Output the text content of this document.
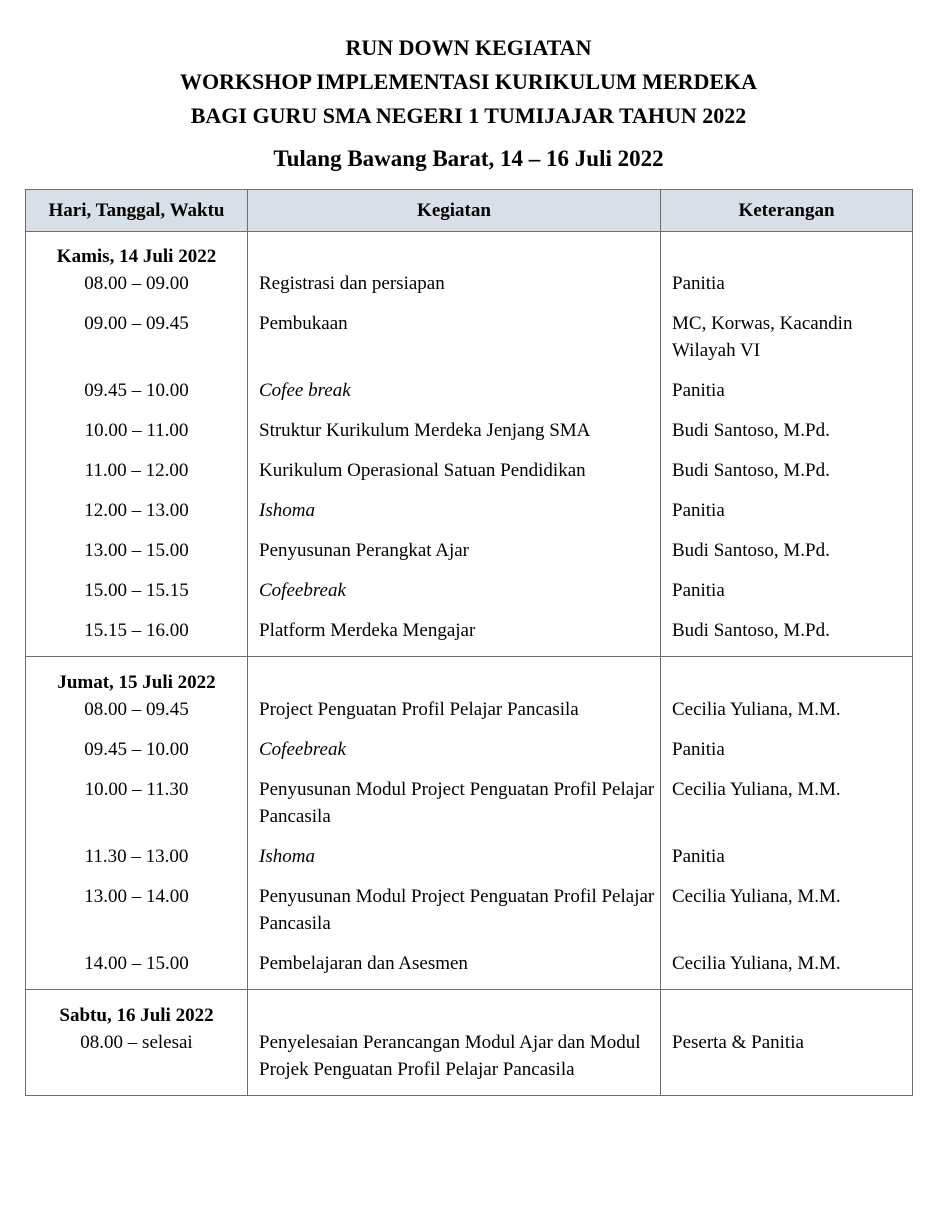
RUN DOWN KEGIATAN
WORKSHOP IMPLEMENTASI KURIKULUM MERDEKA
BAGI GURU SMA NEGERI 1 TUMIJAJAR TAHUN 2022
Tulang Bawang Barat, 14 – 16 Juli 2022
Hari, Tanggal, Waktu	Kegiatan	Keterangan
Kamis, 14 Juli 2022		
08.00 – 09.00	Registrasi dan persiapan	Panitia
09.00 – 09.45	Pembukaan	MC, Korwas, Kacandin Wilayah VI
09.45 – 10.00	Cofee break	Panitia
10.00 – 11.00	Struktur Kurikulum Merdeka Jenjang SMA	Budi Santoso, M.Pd.
11.00 – 12.00	Kurikulum Operasional Satuan Pendidikan	Budi Santoso, M.Pd.
12.00 – 13.00	Ishoma	Panitia
13.00 – 15.00	Penyusunan Perangkat Ajar	Budi Santoso, M.Pd.
15.00 – 15.15	Cofeebreak	Panitia
15.15 – 16.00	Platform Merdeka Mengajar	Budi Santoso, M.Pd.
Jumat, 15 Juli 2022		
08.00 – 09.45	Project Penguatan Profil Pelajar Pancasila	Cecilia Yuliana, M.M.
09.45 – 10.00	Cofeebreak	Panitia
10.00 – 11.30	Penyusunan Modul Project Penguatan Profil Pelajar Pancasila	Cecilia Yuliana, M.M.
11.30 – 13.00	Ishoma	Panitia
13.00 – 14.00	Penyusunan Modul Project Penguatan Profil Pelajar Pancasila	Cecilia Yuliana, M.M.
14.00 – 15.00	Pembelajaran dan Asesmen	Cecilia Yuliana, M.M.
Sabtu, 16 Juli 2022		
08.00 – selesai	Penyelesaian Perancangan Modul Ajar dan Modul Projek Penguatan Profil Pelajar Pancasila	Peserta & Panitia
